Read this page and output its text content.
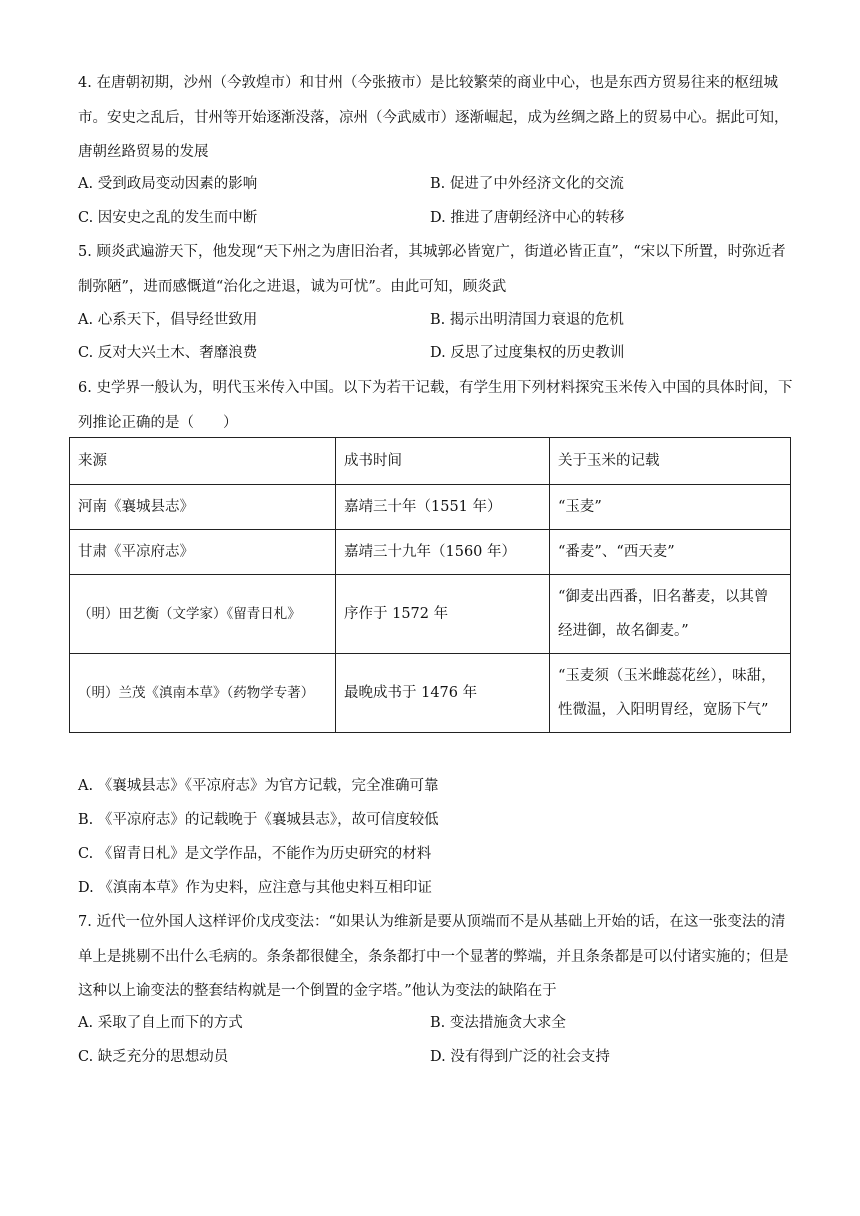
4. 在唐朝初期，沙州（今敦煌市）和甘州（今张掖市）是比较繁荣的商业中心，也是东西方贸易往来的枢纽城市。安史之乱后，甘州等开始逐渐没落，凉州（今武威市）逐渐崛起，成为丝绸之路上的贸易中心。据此可知，唐朝丝路贸易的发展

A. 受到政局变动因素的影响	B. 促进了中外经济文化的交流
C. 因安史之乱的发生而中断	D. 推进了唐朝经济中心的转移

5. 顾炎武遍游天下，他发现“天下州之为唐旧治者，其城郭必皆宽广，街道必皆正直”，“宋以下所置，时弥近者制弥陋”，进而感慨道“治化之进退，诚为可忧”。由此可知，顾炎武

A. 心系天下，倡导经世致用	B. 揭示出明清国力衰退的危机
C. 反对大兴土木、奢靡浪费	D. 反思了过度集权的历史教训

6. 史学界一般认为，明代玉米传入中国。以下为若干记载，有学生用下列材料探究玉米传入中国的具体时间，下列推论正确的是（　　）

来源	成书时间	关于玉米的记载
河南《襄城县志》	嘉靖三十年（1551 年）	“玉麦”
甘肃《平凉府志》	嘉靖三十九年（1560 年）	“番麦”、“西天麦”
（明）田艺衡（文学家）《留青日札》	序作于 1572 年	“御麦出西番，旧名蕃麦，以其曾经进御，故名御麦。”
（明）兰茂《滇南本草》（药物学专著）	最晚成书于 1476 年	“玉麦须（玉米雌蕊花丝），味甜，性微温，入阳明胃经，宽肠下气”
A. 《襄城县志》《平凉府志》为官方记载，完全准确可靠
B. 《平凉府志》的记载晚于《襄城县志》，故可信度较低
C. 《留青日札》是文学作品，不能作为历史研究的材料
D. 《滇南本草》作为史料，应注意与其他史料互相印证

7. 近代一位外国人这样评价戊戌变法：“如果认为维新是要从顶端而不是从基础上开始的话，在这一张变法的清单上是挑剔不出什么毛病的。条条都很健全，条条都打中一个显著的弊端，并且条条都是可以付诸实施的；但是这种以上谕变法的整套结构就是一个倒置的金字塔。”他认为变法的缺陷在于

A. 采取了自上而下的方式	B. 变法措施贪大求全
C. 缺乏充分的思想动员	D. 没有得到广泛的社会支持
